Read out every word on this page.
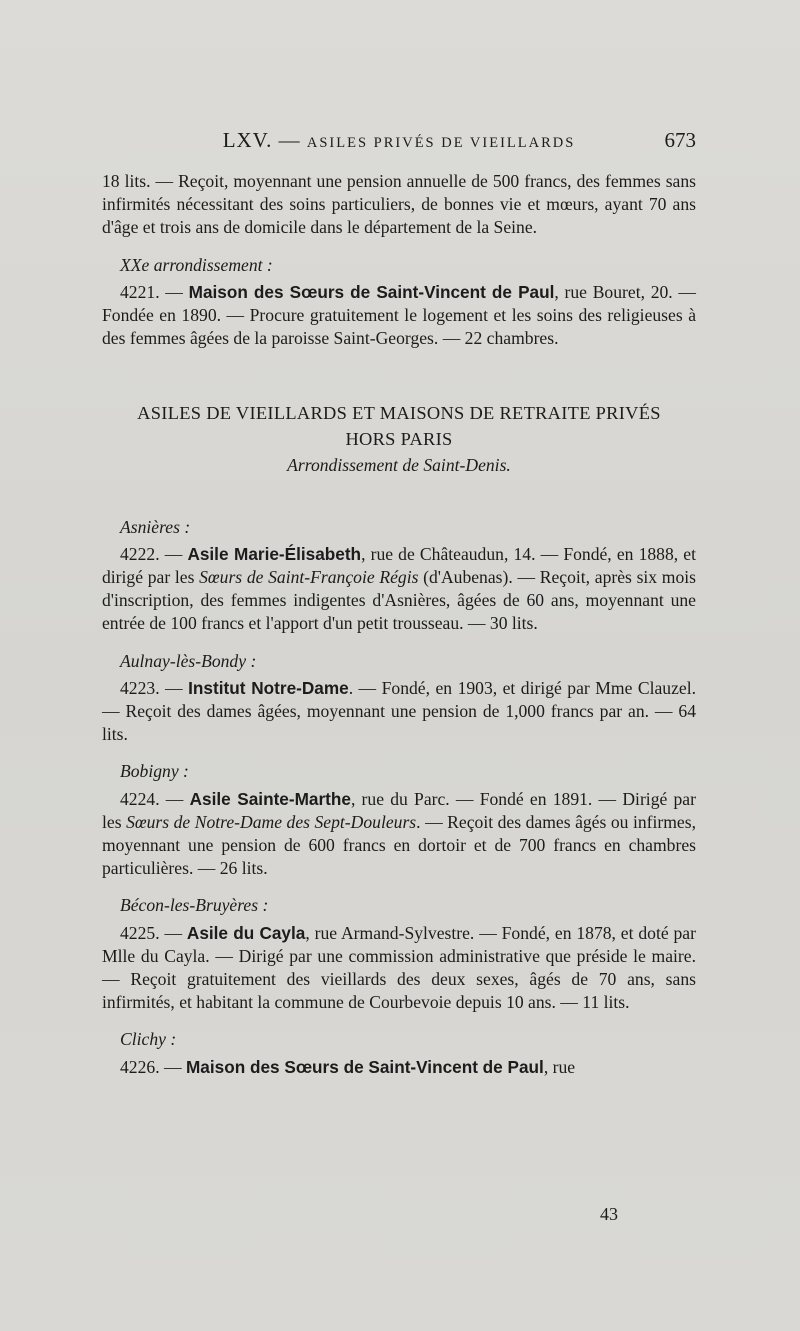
LXV. — ASILES PRIVÉS DE VIEILLARDS	673

18 lits. — Reçoit, moyennant une pension annuelle de 500 francs, des femmes sans infirmités nécessitant des soins particuliers, de bonnes vie et mœurs, ayant 70 ans d'âge et trois ans de domicile dans le département de la Seine.

XXe arrondissement :

4221. — Maison des Sœurs de Saint-Vincent de Paul, rue Bouret, 20. — Fondée en 1890. — Procure gratuitement le logement et les soins des religieuses à des femmes âgées de la paroisse Saint-Georges. — 22 chambres.

ASILES DE VIEILLARDS ET MAISONS DE RETRAITE PRIVÉS
HORS PARIS

Arrondissement de Saint-Denis.

Asnières :

4222. — Asile Marie-Élisabeth, rue de Châteaudun, 14. — Fondé, en 1888, et dirigé par les Sœurs de Saint-Françoie Régis (d'Aubenas). — Reçoit, après six mois d'inscription, des femmes indigentes d'Asnières, âgées de 60 ans, moyennant une entrée de 100 francs et l'apport d'un petit trousseau. — 30 lits.

Aulnay-lès-Bondy :

4223. — Institut Notre-Dame. — Fondé, en 1903, et dirigé par Mme Clauzel. — Reçoit des dames âgées, moyennant une pension de 1,000 francs par an. — 64 lits.

Bobigny :

4224. — Asile Sainte-Marthe, rue du Parc. — Fondé en 1891. — Dirigé par les Sœurs de Notre-Dame des Sept-Douleurs. — Reçoit des dames âgés ou infirmes, moyennant une pension de 600 francs en dortoir et de 700 francs en chambres particulières. — 26 lits.

Bécon-les-Bruyères :

4225. — Asile du Cayla, rue Armand-Sylvestre. — Fondé, en 1878, et doté par Mlle du Cayla. — Dirigé par une commission administrative que préside le maire. — Reçoit gratuitement des vieillards des deux sexes, âgés de 70 ans, sans infirmités, et habitant la commune de Courbevoie depuis 10 ans. — 11 lits.

Clichy :

4226. — Maison des Sœurs de Saint-Vincent de Paul, rue

43
